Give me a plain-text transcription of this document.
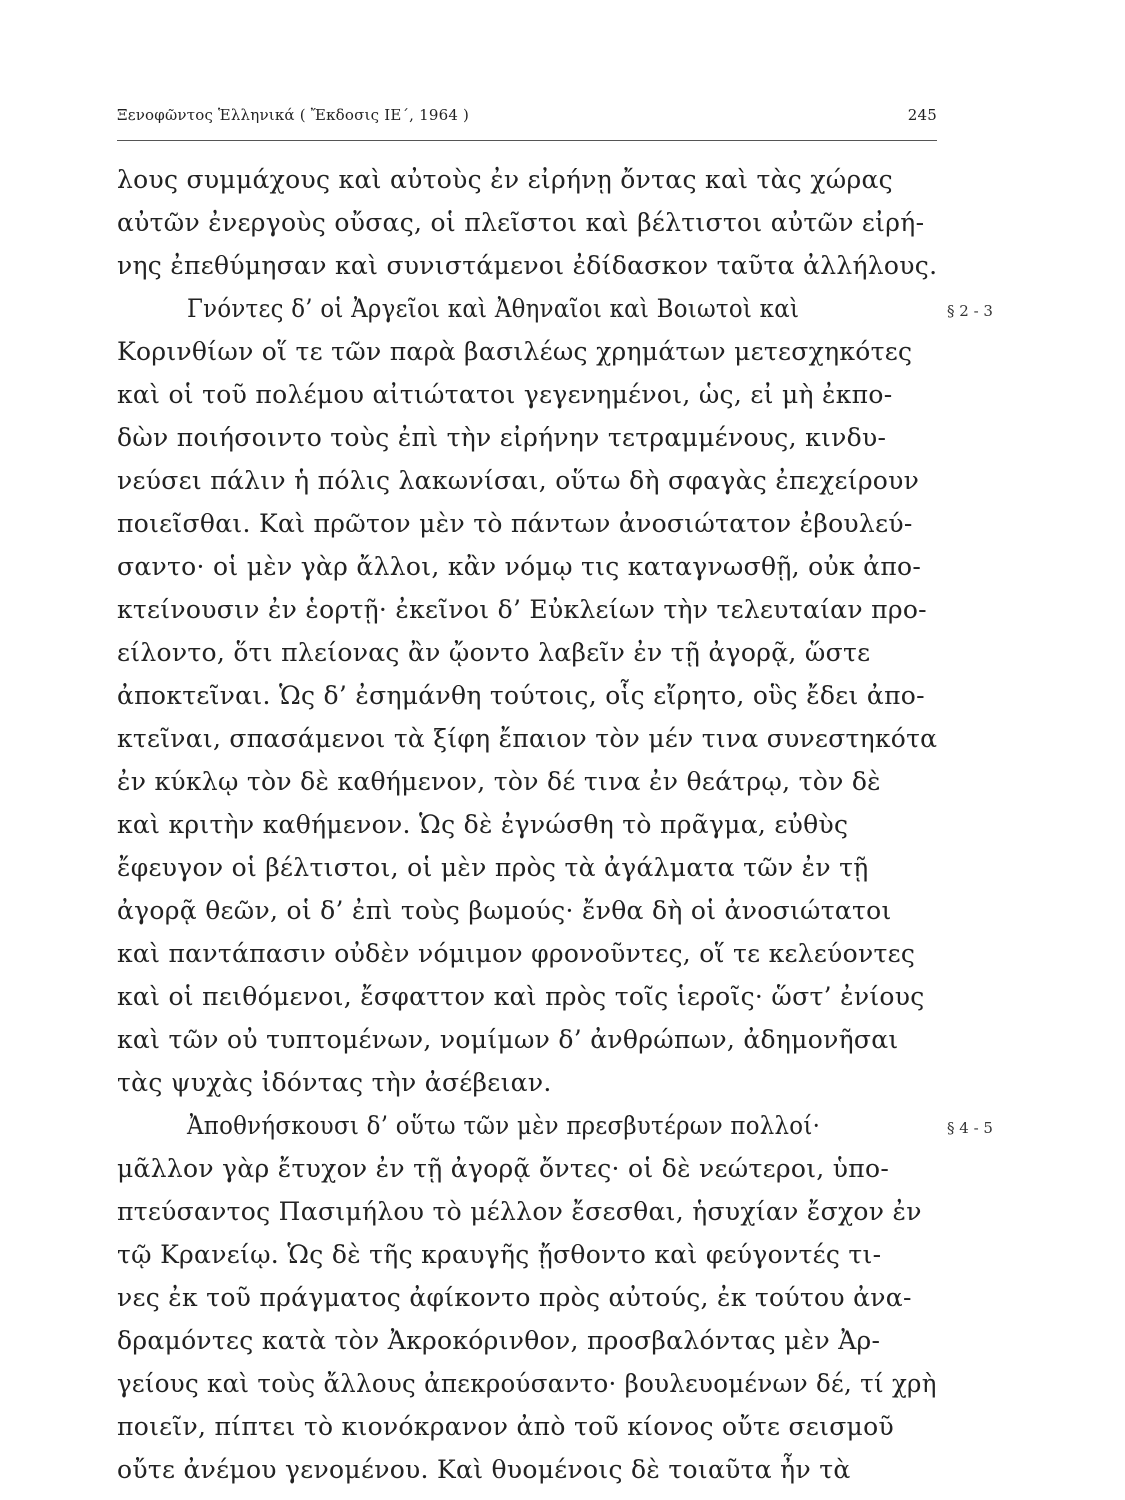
Ξενοφῶντος Ἑλληνικά ( Ἔκδοσις ΙΕ΄, 1964 )	245
λους συμμάχους καὶ αὐτοὺς ἐν εἰρήνῃ ὄντας καὶ τὰς χώρας
αὐτῶν ἐνεργοὺς οὔσας, οἱ πλεῖστοι καὶ βέλτιστοι αὐτῶν εἰρή-
νης ἐπεθύμησαν καὶ συνιστάμενοι ἐδίδασκον ταῦτα ἀλλήλους.
Γνόντες δ’ οἱ Ἀργεῖοι καὶ Ἀθηναῖοι καὶ Βοιωτοὶ καὶ
Κορινθίων οἵ τε τῶν παρὰ βασιλέως χρημάτων μετεσχηκότες
καὶ οἱ τοῦ πολέμου αἰτιώτατοι γεγενημένοι, ὡς, εἰ μὴ ἐκπο-
δὼν ποιήσοιντο τοὺς ἐπὶ τὴν εἰρήνην τετραμμένους, κινδυ-
νεύσει πάλιν ἡ πόλις λακωνίσαι, οὕτω δὴ σφαγὰς ἐπεχείρουν
ποιεῖσθαι. Καὶ πρῶτον μὲν τὸ πάντων ἀνοσιώτατον ἐβουλεύ-
σαντο· οἱ μὲν γὰρ ἄλλοι, κἂν νόμῳ τις καταγνωσθῇ, οὐκ ἀπο-
κτείνουσιν ἐν ἑορτῇ· ἐκεῖνοι δ’ Εὐκλείων τὴν τελευταίαν προ-
είλοντο, ὅτι πλείονας ἂν ᾤοντο λαβεῖν ἐν τῇ ἀγορᾷ, ὥστε
ἀποκτεῖναι. Ὡς δ’ ἐσημάνθη τούτοις, οἷς εἴρητο, οὓς ἔδει ἀπο-
κτεῖναι, σπασάμενοι τὰ ξίφη ἔπαιον τὸν μέν τινα συνεστηκότα
ἐν κύκλῳ τὸν δὲ καθήμενον, τὸν δέ τινα ἐν θεάτρῳ, τὸν δὲ
καὶ κριτὴν καθήμενον. Ὡς δὲ ἐγνώσθη τὸ πρᾶγμα, εὐθὺς
ἔφευγον οἱ βέλτιστοι, οἱ μὲν πρὸς τὰ ἀγάλματα τῶν ἐν τῇ
ἀγορᾷ θεῶν, οἱ δ’ ἐπὶ τοὺς βωμούς· ἔνθα δὴ οἱ ἀνοσιώτατοι
καὶ παντάπασιν οὐδὲν νόμιμον φρονοῦντες, οἵ τε κελεύοντες
καὶ οἱ πειθόμενοι, ἔσφαττον καὶ πρὸς τοῖς ἱεροῖς· ὥστ’ ἐνίους
καὶ τῶν οὐ τυπτομένων, νομίμων δ’ ἀνθρώπων, ἀδημονῆσαι
τὰς ψυχὰς ἰδόντας τὴν ἀσέβειαν.
Ἀποθνήσκουσι δ’ οὕτω τῶν μὲν πρεσβυτέρων πολλοί·
μᾶλλον γὰρ ἔτυχον ἐν τῇ ἀγορᾷ ὄντες· οἱ δὲ νεώτεροι, ὑπο-
πτεύσαντος Πασιμήλου τὸ μέλλον ἔσεσθαι, ἡσυχίαν ἔσχον ἐν
τῷ Κρανείῳ. Ὡς δὲ τῆς κραυγῆς ᾔσθοντο καὶ φεύγοντές τι-
νες ἐκ τοῦ πράγματος ἀφίκοντο πρὸς αὐτούς, ἐκ τούτου ἀνα-
δραμόντες κατὰ τὸν Ἀκροκόρινθον, προσβαλόντας μὲν Ἀρ-
γείους καὶ τοὺς ἄλλους ἀπεκρούσαντο· βουλευομένων δέ, τί χρὴ
ποιεῖν, πίπτει τὸ κιονόκρανον ἀπὸ τοῦ κίονος οὔτε σεισμοῦ
οὔτε ἀνέμου γενομένου. Καὶ θυομένοις δὲ τοιαῦτα ἦν τὰ
§ 2 - 3
§ 4 - 5
